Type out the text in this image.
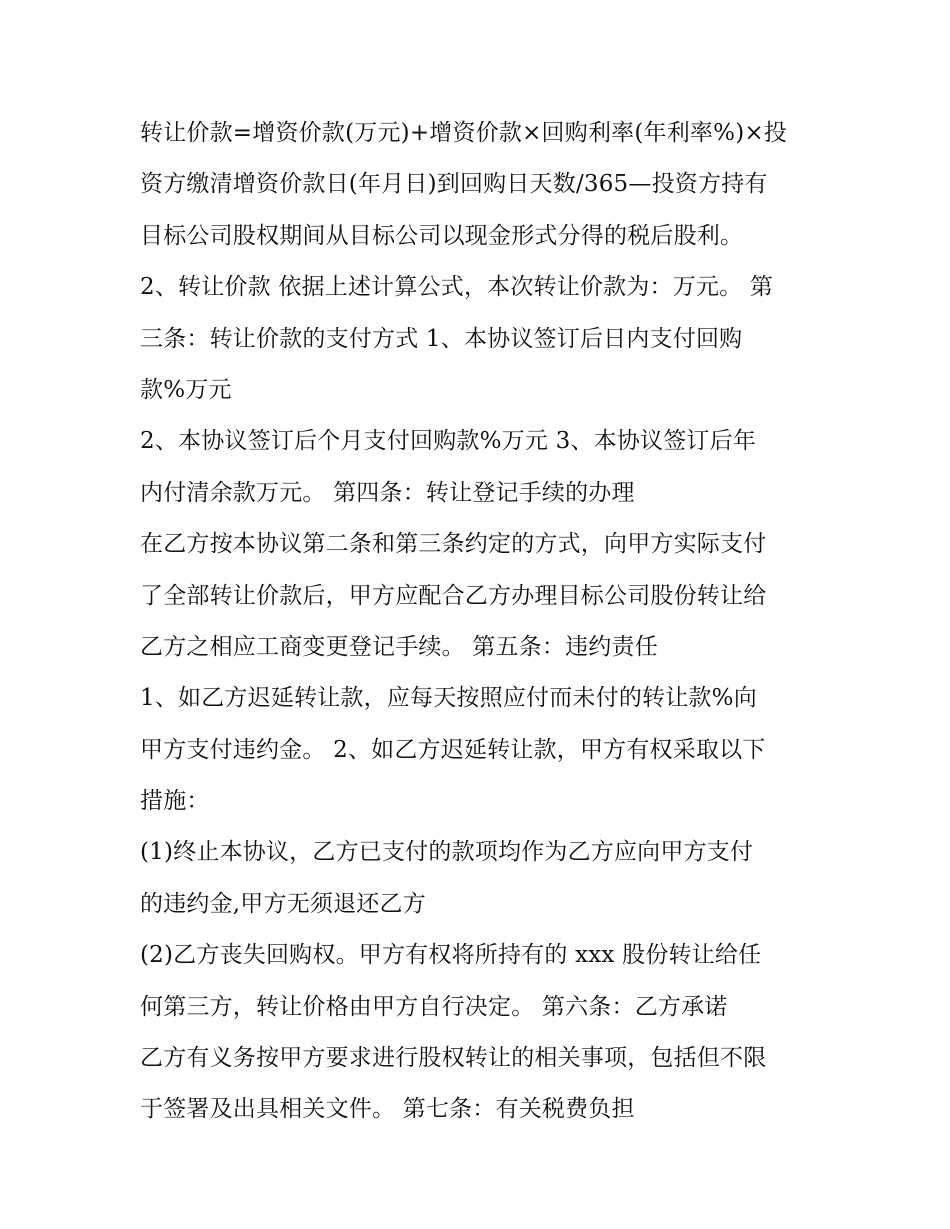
转让价款=增资价款(万元)+增资价款×回购利率(年利率%)×投
资方缴清增资价款日(年月日)到回购日天数/365—投资方持有
目标公司股权期间从目标公司以现金形式分得的税后股利。
2、转让价款 依据上述计算公式，本次转让价款为：万元。 第
三条：转让价款的支付方式 1、本协议签订后日内支付回购
款%万元
2、本协议签订后个月支付回购款%万元 3、本协议签订后年
内付清余款万元。 第四条：转让登记手续的办理
在乙方按本协议第二条和第三条约定的方式，向甲方实际支付
了全部转让价款后，甲方应配合乙方办理目标公司股份转让给
乙方之相应工商变更登记手续。 第五条：违约责任
1、如乙方迟延转让款，应每天按照应付而未付的转让款%向
甲方支付违约金。 2、如乙方迟延转让款，甲方有权采取以下
措施：
(1)终止本协议，乙方已支付的款项均作为乙方应向甲方支付
的违约金,甲方无须退还乙方
(2)乙方丧失回购权。甲方有权将所持有的 xxx 股份转让给任
何第三方，转让价格由甲方自行决定。 第六条：乙方承诺
乙方有义务按甲方要求进行股权转让的相关事项，包括但不限
于签署及出具相关文件。 第七条：有关税费负担
